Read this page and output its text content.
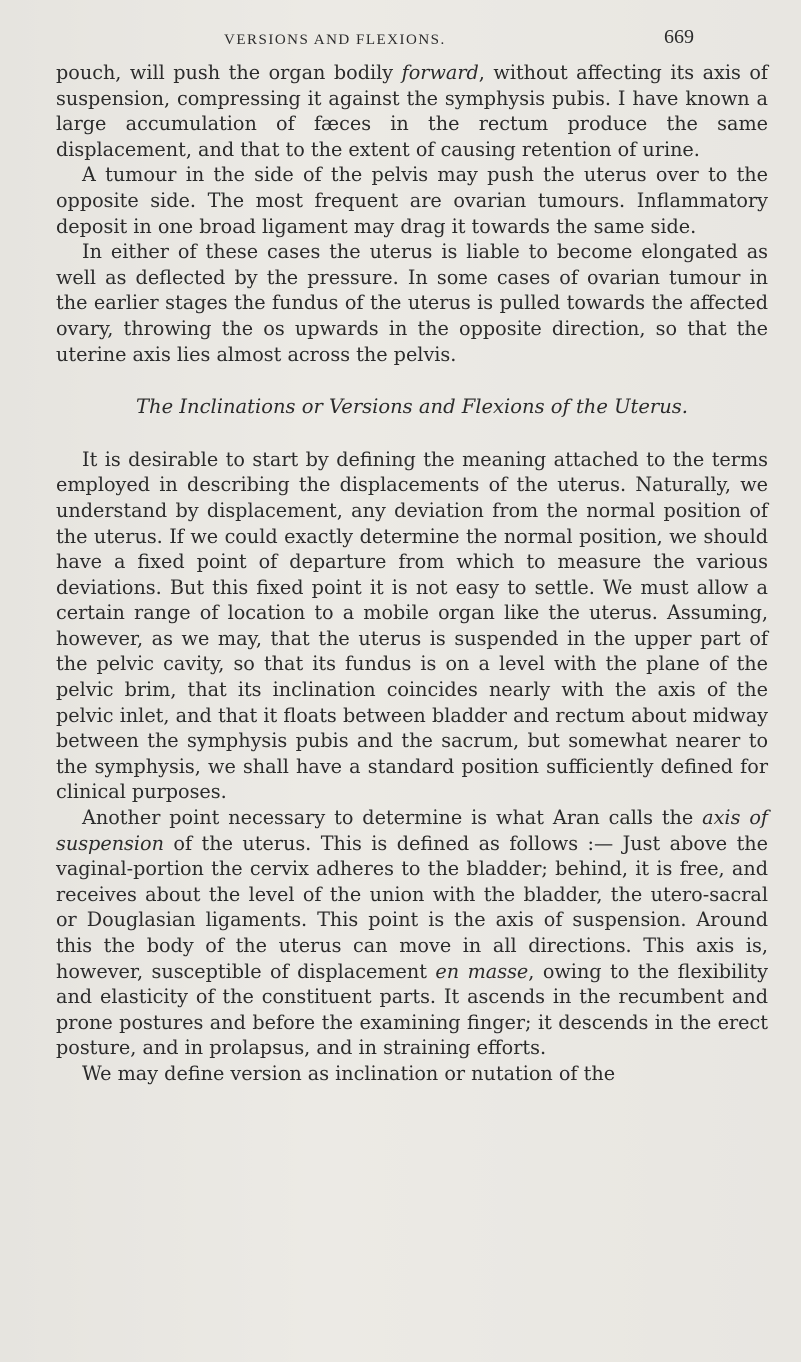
VERSIONS AND FLEXIONS.	669

pouch, will push the organ bodily forward, without affecting its axis of suspension, compressing it against the symphysis pubis. I have known a large accumulation of fæces in the rectum produce the same displacement, and that to the extent of causing retention of urine.

A tumour in the side of the pelvis may push the uterus over to the opposite side. The most frequent are ovarian tumours. Inflammatory deposit in one broad ligament may drag it towards the same side.

In either of these cases the uterus is liable to become elongated as well as deflected by the pressure. In some cases of ovarian tumour in the earlier stages the fundus of the uterus is pulled towards the affected ovary, throwing the os upwards in the opposite direction, so that the uterine axis lies almost across the pelvis.

The Inclinations or Versions and Flexions of the Uterus.

It is desirable to start by defining the meaning attached to the terms employed in describing the displacements of the uterus. Naturally, we understand by displacement, any deviation from the normal position of the uterus. If we could exactly determine the normal position, we should have a fixed point of departure from which to measure the various deviations. But this fixed point it is not easy to settle. We must allow a certain range of location to a mobile organ like the uterus. Assuming, however, as we may, that the uterus is suspended in the upper part of the pelvic cavity, so that its fundus is on a level with the plane of the pelvic brim, that its inclination coincides nearly with the axis of the pelvic inlet, and that it floats between bladder and rectum about midway between the symphysis pubis and the sacrum, but somewhat nearer to the symphysis, we shall have a standard position sufficiently defined for clinical purposes.

Another point necessary to determine is what Aran calls the axis of suspension of the uterus. This is defined as follows :— Just above the vaginal-portion the cervix adheres to the bladder; behind, it is free, and receives about the level of the union with the bladder, the utero-sacral or Douglasian ligaments. This point is the axis of suspension. Around this the body of the uterus can move in all directions. This axis is, however, susceptible of displacement en masse, owing to the flexibility and elasticity of the constituent parts. It ascends in the recumbent and prone postures and before the examining finger; it descends in the erect posture, and in prolapsus, and in straining efforts.

We may define version as inclination or nutation of the
